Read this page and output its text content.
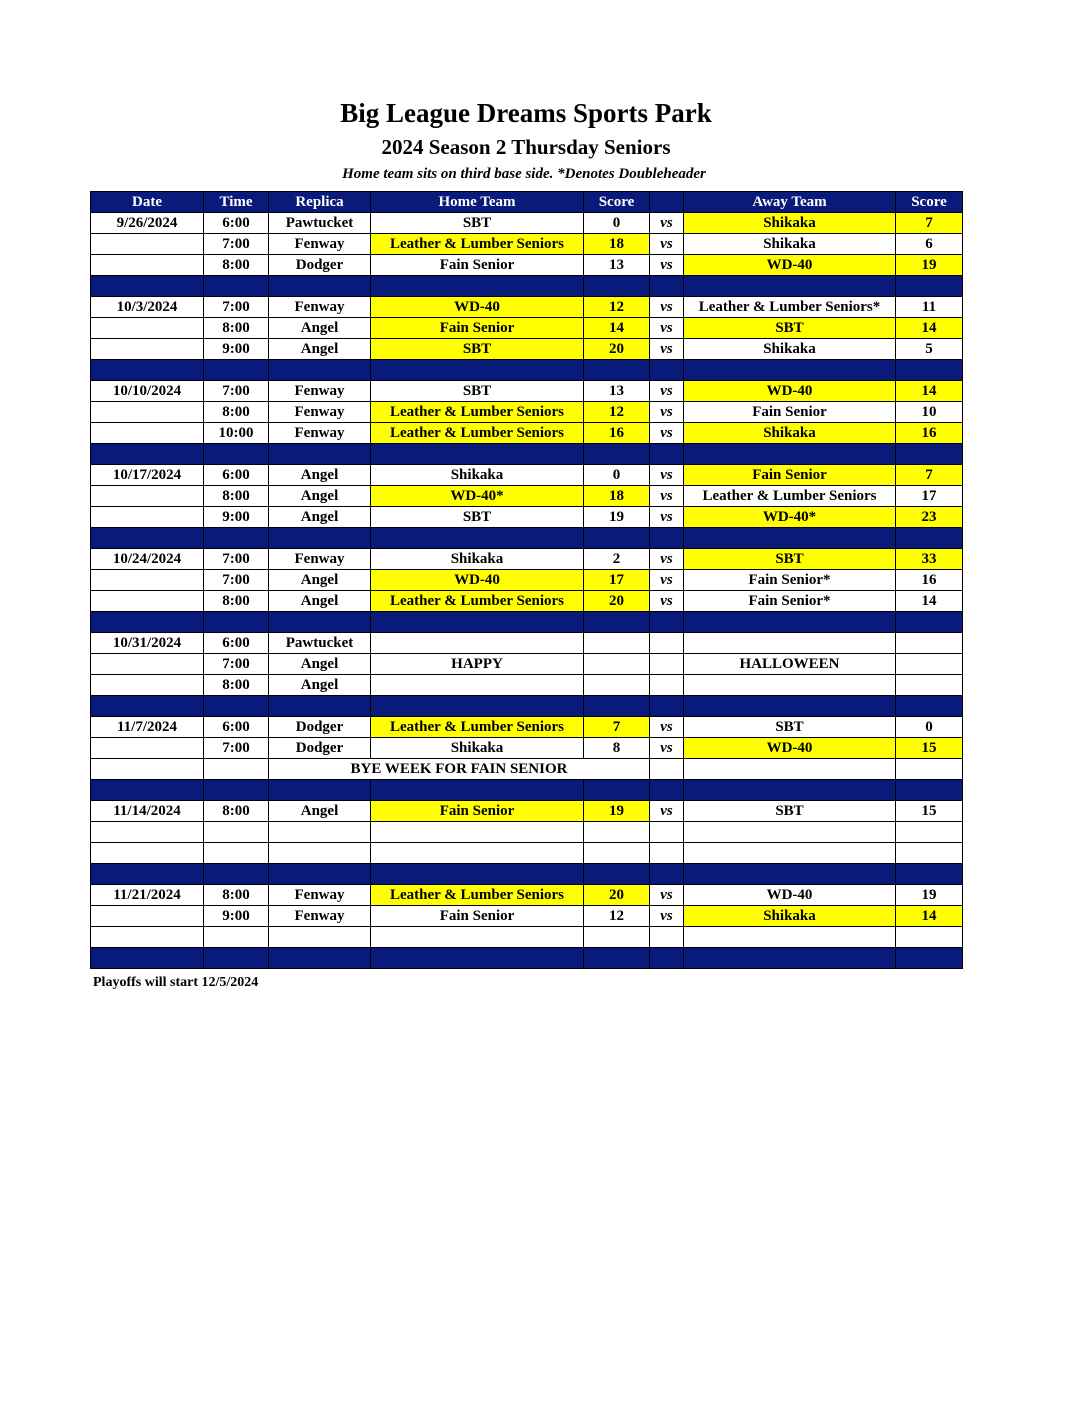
Big League Dreams Sports Park
2024 Season 2 Thursday Seniors
Home team sits on third base side. *Denotes Doubleheader
Date	Time	Replica	Home Team	Score		Away Team	Score
9/26/2024	6:00	Pawtucket	SBT	0	vs	Shikaka	7
	7:00	Fenway	Leather & Lumber Seniors	18	vs	Shikaka	6
	8:00	Dodger	Fain Senior	13	vs	WD-40	19

10/3/2024	7:00	Fenway	WD-40	12	vs	Leather & Lumber Seniors*	11
	8:00	Angel	Fain Senior	14	vs	SBT	14
	9:00	Angel	SBT	20	vs	Shikaka	5

10/10/2024	7:00	Fenway	SBT	13	vs	WD-40	14
	8:00	Fenway	Leather & Lumber Seniors	12	vs	Fain Senior	10
	10:00	Fenway	Leather & Lumber Seniors	16	vs	Shikaka	16

10/17/2024	6:00	Angel	Shikaka	0	vs	Fain Senior	7
	8:00	Angel	WD-40*	18	vs	Leather & Lumber Seniors	17
	9:00	Angel	SBT	19	vs	WD-40*	23

10/24/2024	7:00	Fenway	Shikaka	2	vs	SBT	33
	7:00	Angel	WD-40	17	vs	Fain Senior*	16
	8:00	Angel	Leather & Lumber Seniors	20	vs	Fain Senior*	14

10/31/2024	6:00	Pawtucket					
	7:00	Angel	HAPPY			HALLOWEEN	
	8:00	Angel					

11/7/2024	6:00	Dodger	Leather & Lumber Seniors	7	vs	SBT	0
	7:00	Dodger	Shikaka	8	vs	WD-40	15
		BYE WEEK FOR FAIN SENIOR					

11/14/2024	8:00	Angel	Fain Senior	19	vs	SBT	15

11/21/2024	8:00	Fenway	Leather & Lumber Seniors	20	vs	WD-40	19
	9:00	Fenway	Fain Senior	12	vs	Shikaka	14

Playoffs will start 12/5/2024
